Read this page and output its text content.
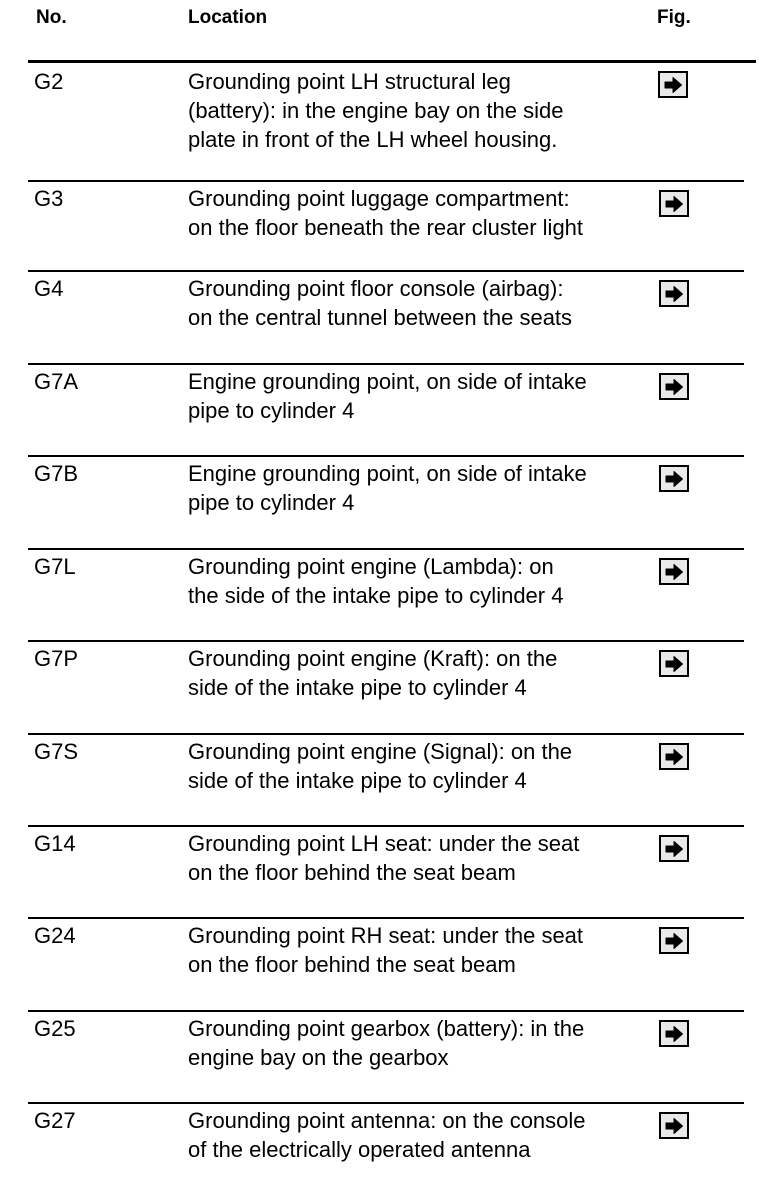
No.	Location	Fig.
G2	Grounding point LH structural leg
(battery): in the engine bay on the side
plate in front of the LH wheel housing.
G3	Grounding point luggage compartment:
on the floor beneath the rear cluster light
G4	Grounding point floor console (airbag):
on the central tunnel between the seats
G7A	Engine grounding point, on side of intake
pipe to cylinder 4
G7B	Engine grounding point, on side of intake
pipe to cylinder 4
G7L	Grounding point engine (Lambda): on
the side of the intake pipe to cylinder 4
G7P	Grounding point engine (Kraft): on the
side of the intake pipe to cylinder 4
G7S	Grounding point engine (Signal): on the
side of the intake pipe to cylinder 4
G14	Grounding point LH seat: under the seat
on the floor behind the seat beam
G24	Grounding point RH seat: under the seat
on the floor behind the seat beam
G25	Grounding point gearbox (battery): in the
engine bay on the gearbox
G27	Grounding point antenna: on the console
of the electrically operated antenna
